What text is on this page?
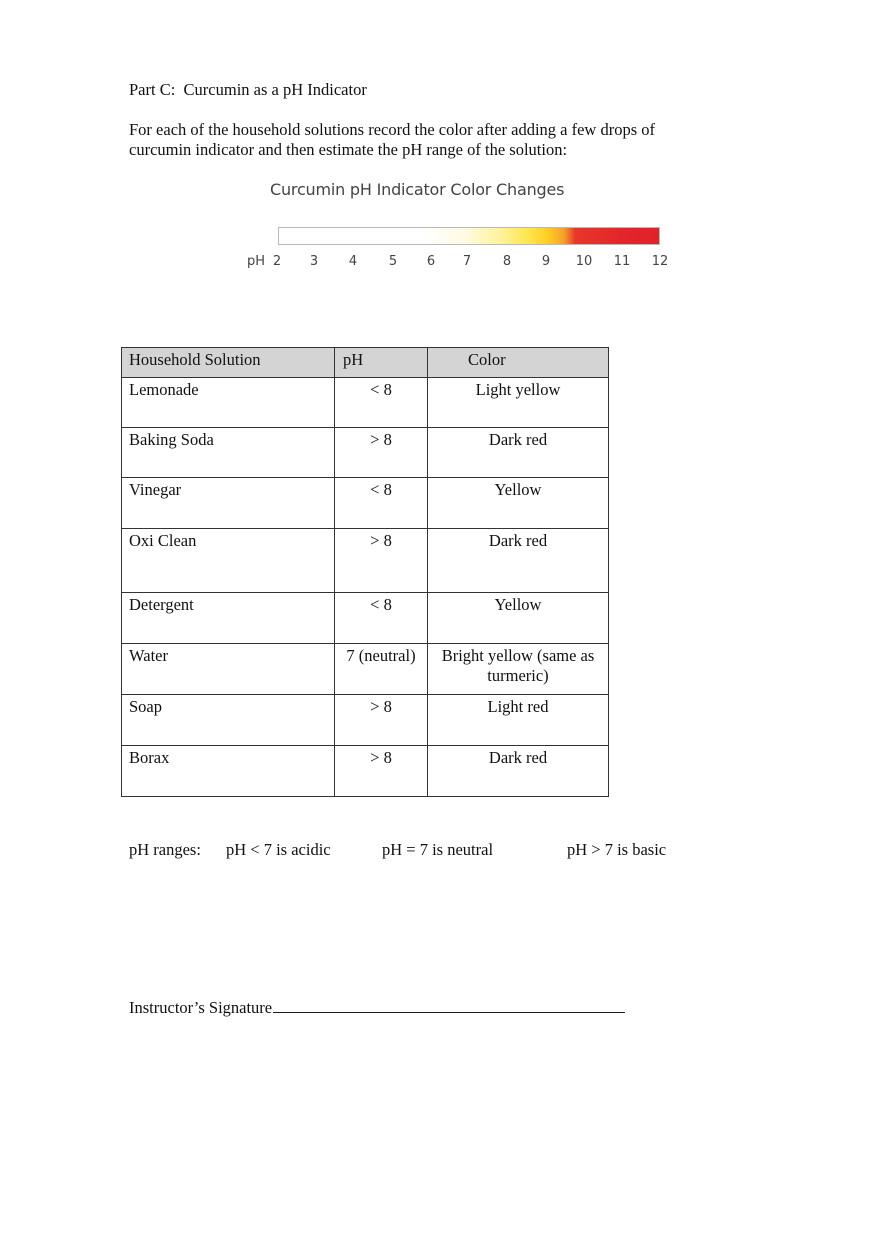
Part C:  Curcumin as a pH Indicator
For each of the household solutions record the color after adding a few drops of
curcumin indicator and then estimate the pH range of the solution:
Curcumin pH Indicator Color Changes
pH 2 3 4 5 6 7 8 9 10 11 12
Household Solution	pH	Color
Lemonade	< 8	Light yellow
Baking Soda	> 8	Dark red
Vinegar	< 8	Yellow
Oxi Clean	> 8	Dark red
Detergent	< 8	Yellow
Water	7 (neutral)	Bright yellow (same as turmeric)
Soap	> 8	Light red
Borax	> 8	Dark red
pH ranges: pH < 7 is acidic	pH = 7 is neutral	pH > 7 is basic
Instructor’s Signature
